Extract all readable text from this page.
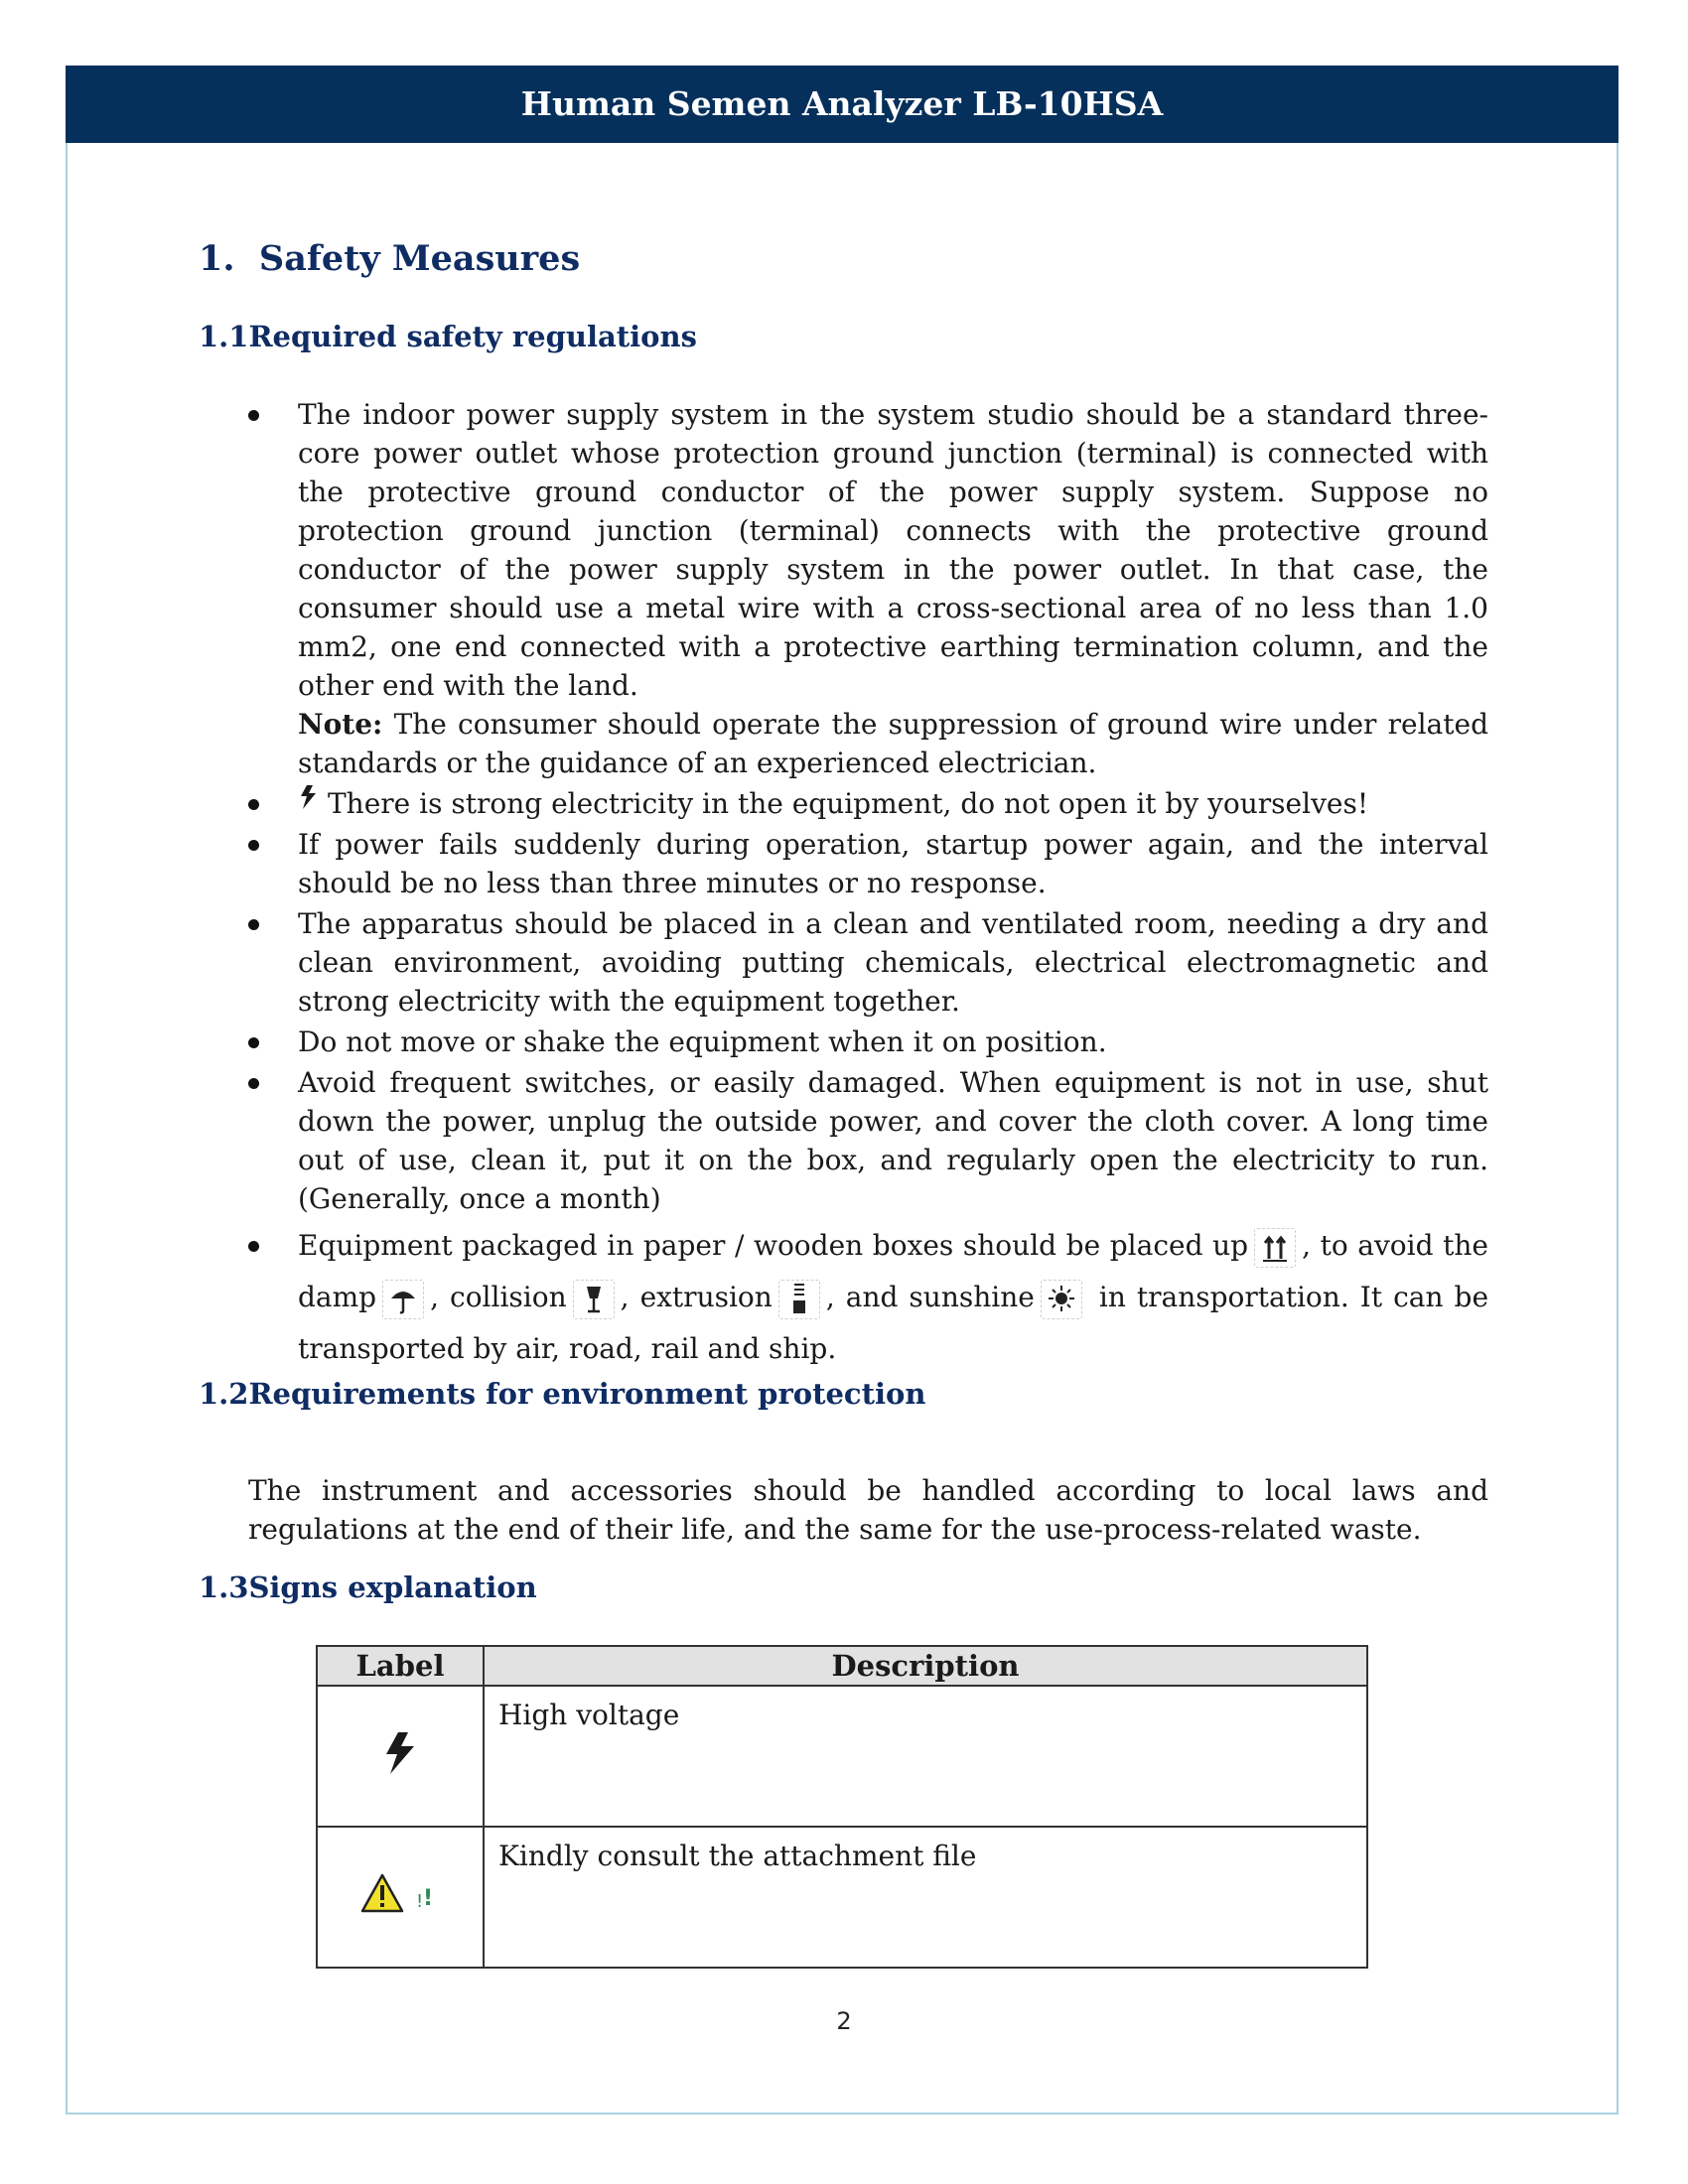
Human Semen Analyzer LB-10HSA
1. Safety Measures
1.1Required safety regulations
The indoor power supply system in the system studio should be a standard three-core power outlet whose protection ground junction (terminal) is connected with the protective ground conductor of the power supply system. Suppose no protection ground junction (terminal) connects with the protective ground conductor of the power supply system in the power outlet. In that case, the consumer should use a metal wire with a cross-sectional area of no less than 1.0 mm2, one end connected with a protective earthing termination column, and the other end with the land.
Note: The consumer should operate the suppression of ground wire under related standards or the guidance of an experienced electrician.
There is strong electricity in the equipment, do not open it by yourselves!
If power fails suddenly during operation, startup power again, and the interval should be no less than three minutes or no response.
The apparatus should be placed in a clean and ventilated room, needing a dry and clean environment, avoiding putting chemicals, electrical electromagnetic and strong electricity with the equipment together.
Do not move or shake the equipment when it on position.
Avoid frequent switches, or easily damaged. When equipment is not in use, shut down the power, unplug the outside power, and cover the cloth cover. A long time out of use, clean it, put it on the box, and regularly open the electricity to run. (Generally, once a month)
Equipment packaged in paper / wooden boxes should be placed up , to avoid the damp , collision , extrusion , and sunshine in transportation. It can be transported by air, road, rail and ship.
1.2Requirements for environment protection

The instrument and accessories should be handled according to local laws and regulations at the end of their life, and the same for the use-process-related waste.

1.3Signs explanation
Label	Description
	High voltage

! !	Kindly consult the attachment file
2
